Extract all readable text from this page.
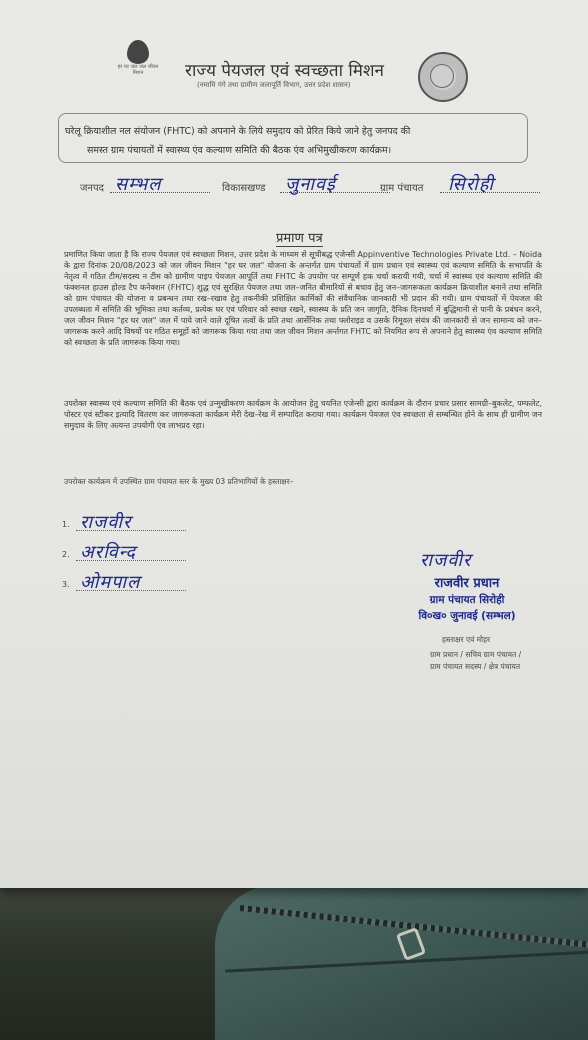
हर घर जल जल जीवन मिशन	राज्य पेयजल एवं स्वच्छता मिशन
(नमामि गंगे तथा ग्रामीण जलापूर्ति विभाग, उत्तर प्रदेश शासन)
घरेलू क्रियाशील नल संयोजन (FHTC) को अपनाने के लिये समुदाय को प्रेरित किये जाने हेतु जनपद की
समस्त ग्राम पंचायतों में स्वास्थ्य एंव कल्याण समिति की बैठक एंव अभिमुखीकरण कार्यक्रम।
जनपद सम्भल	विकासखण्ड जुनावई	ग्राम पंचायत सिरोही
प्रमाण पत्र
प्रमाणित किया जाता है कि राज्य पेयजल एवं स्वच्छता मिशन, उत्तर प्रदेश के माध्यम से सूचीबद्ध एजेन्सी Appinventive Technologies Private Ltd. – Noida के द्वारा दिनांक 20/08/2023 को जल जीवन मिशन "हर घर जल" योजना के अन्तर्गत ग्राम पंचायतों में ग्राम प्रधान एवं स्वास्थ्य एवं कल्याण समिति के सभापति के नेतृत्व में गठित टीम/सदस्य न टीम को ग्रामीण पाइप पेयजल आपूर्ति तथा FHTC के उपयोग पर सम्पूर्ण हक चर्चा करायी गयी, चर्चा में स्वास्थ्य एवं कल्याण समिति की फंक्शनल हाउस होल्ड टैप कनेक्शन (FHTC) शुद्ध एवं सुरक्षित पेयजल तथा जल–जनित बीमारियों से बचाव हेतु जन–जागरूकता कार्यक्रम क्रियाशील बनाने तथा समिति को ग्राम पंचायत की योजना व प्रबन्धन तथा रख–रखाव हेतु तकनीकी प्रशिक्षित कार्मिकों की संवैधानिक जानकारी भी प्रदान की गयी। ग्राम पंचायतों में पेयजल की उपलब्धता में समिति की भूमिका तथा कर्तव्य, प्रत्येक घर एवं परिवार को स्वच्छ रखने, स्वास्थ्य के प्रति जन जागृति, दैनिक दिनचर्या में बुद्धिमानी से पानी के प्रबंधन करने, जल जीवन मिशन "हर घर जल" जल में पाये जाने वाले दूषित तत्वों के प्रति तथा आर्सेनिक तथा फ्लोराइड व उसके रिमूवल संयंत्र की जानकारी से जन सामान्य को जन–जागरूक करने आदि विषयों पर गठित समूहों को जागरूक किया गया तथा जल जीवन मिशन अर्न्तगत FHTC को नियमित रूप से अपनाने हेतु स्वास्थ्य एंव कल्याण समिति को स्वच्छता के प्रति जागरूक किया गया।
उपरोक्त स्वास्थ्य एवं कल्याण समिति की बैठक एवं उन्मुखीकरण कार्यक्रम के आयोजन हेतु चयनित एजेन्सी द्वारा कार्यक्रम के दौरान प्रचार प्रसार सामग्री–बुकलेट, पम्फलेट, पोस्टर एवं स्टीकर इत्यादि वितरण कर जागरूकता कार्यक्रम मेरी देख–रेख में सम्पादित कराया गया। कार्यक्रम पेयजल एंव स्वच्छता से सम्बन्धित होने के साथ ही ग्रामीण जन समुदाय के लिए अत्यन्त उपयोगी एंव लाभप्रद रहा।
उपरोक्त कार्यक्रम में उपस्थित ग्राम पंचायत स्तर के मुख्य 03 प्रतिभागियों के हस्ताक्षर–
1. राजवीर
2. अरविन्द
3. ओमपाल
राजवीर
राजवीर प्रधान
ग्राम पंचायत सिरोही
वि०ख० जुनावई (सम्भल)
हस्ताक्षर एवं मोहर
ग्राम प्रधान / सचिव ग्राम पंचायत /
ग्राम पंचायत सदस्य / क्षेत्र पंचायत
